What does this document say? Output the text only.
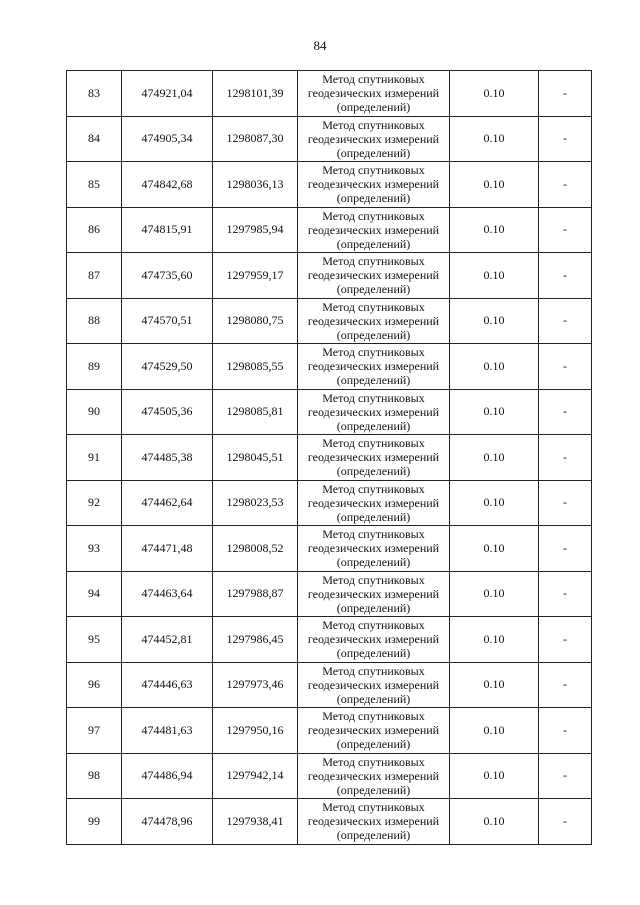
84
83	474921,04	1298101,39	Метод спутниковых
геодезических измерений
(определений)	0.10	-
84	474905,34	1298087,30	Метод спутниковых
геодезических измерений
(определений)	0.10	-
85	474842,68	1298036,13	Метод спутниковых
геодезических измерений
(определений)	0.10	-
86	474815,91	1297985,94	Метод спутниковых
геодезических измерений
(определений)	0.10	-
87	474735,60	1297959,17	Метод спутниковых
геодезических измерений
(определений)	0.10	-
88	474570,51	1298080,75	Метод спутниковых
геодезических измерений
(определений)	0.10	-
89	474529,50	1298085,55	Метод спутниковых
геодезических измерений
(определений)	0.10	-
90	474505,36	1298085,81	Метод спутниковых
геодезических измерений
(определений)	0.10	-
91	474485,38	1298045,51	Метод спутниковых
геодезических измерений
(определений)	0.10	-
92	474462,64	1298023,53	Метод спутниковых
геодезических измерений
(определений)	0.10	-
93	474471,48	1298008,52	Метод спутниковых
геодезических измерений
(определений)	0.10	-
94	474463,64	1297988,87	Метод спутниковых
геодезических измерений
(определений)	0.10	-
95	474452,81	1297986,45	Метод спутниковых
геодезических измерений
(определений)	0.10	-
96	474446,63	1297973,46	Метод спутниковых
геодезических измерений
(определений)	0.10	-
97	474481,63	1297950,16	Метод спутниковых
геодезических измерений
(определений)	0.10	-
98	474486,94	1297942,14	Метод спутниковых
геодезических измерений
(определений)	0.10	-
99	474478,96	1297938,41	Метод спутниковых
геодезических измерений
(определений)	0.10	-
